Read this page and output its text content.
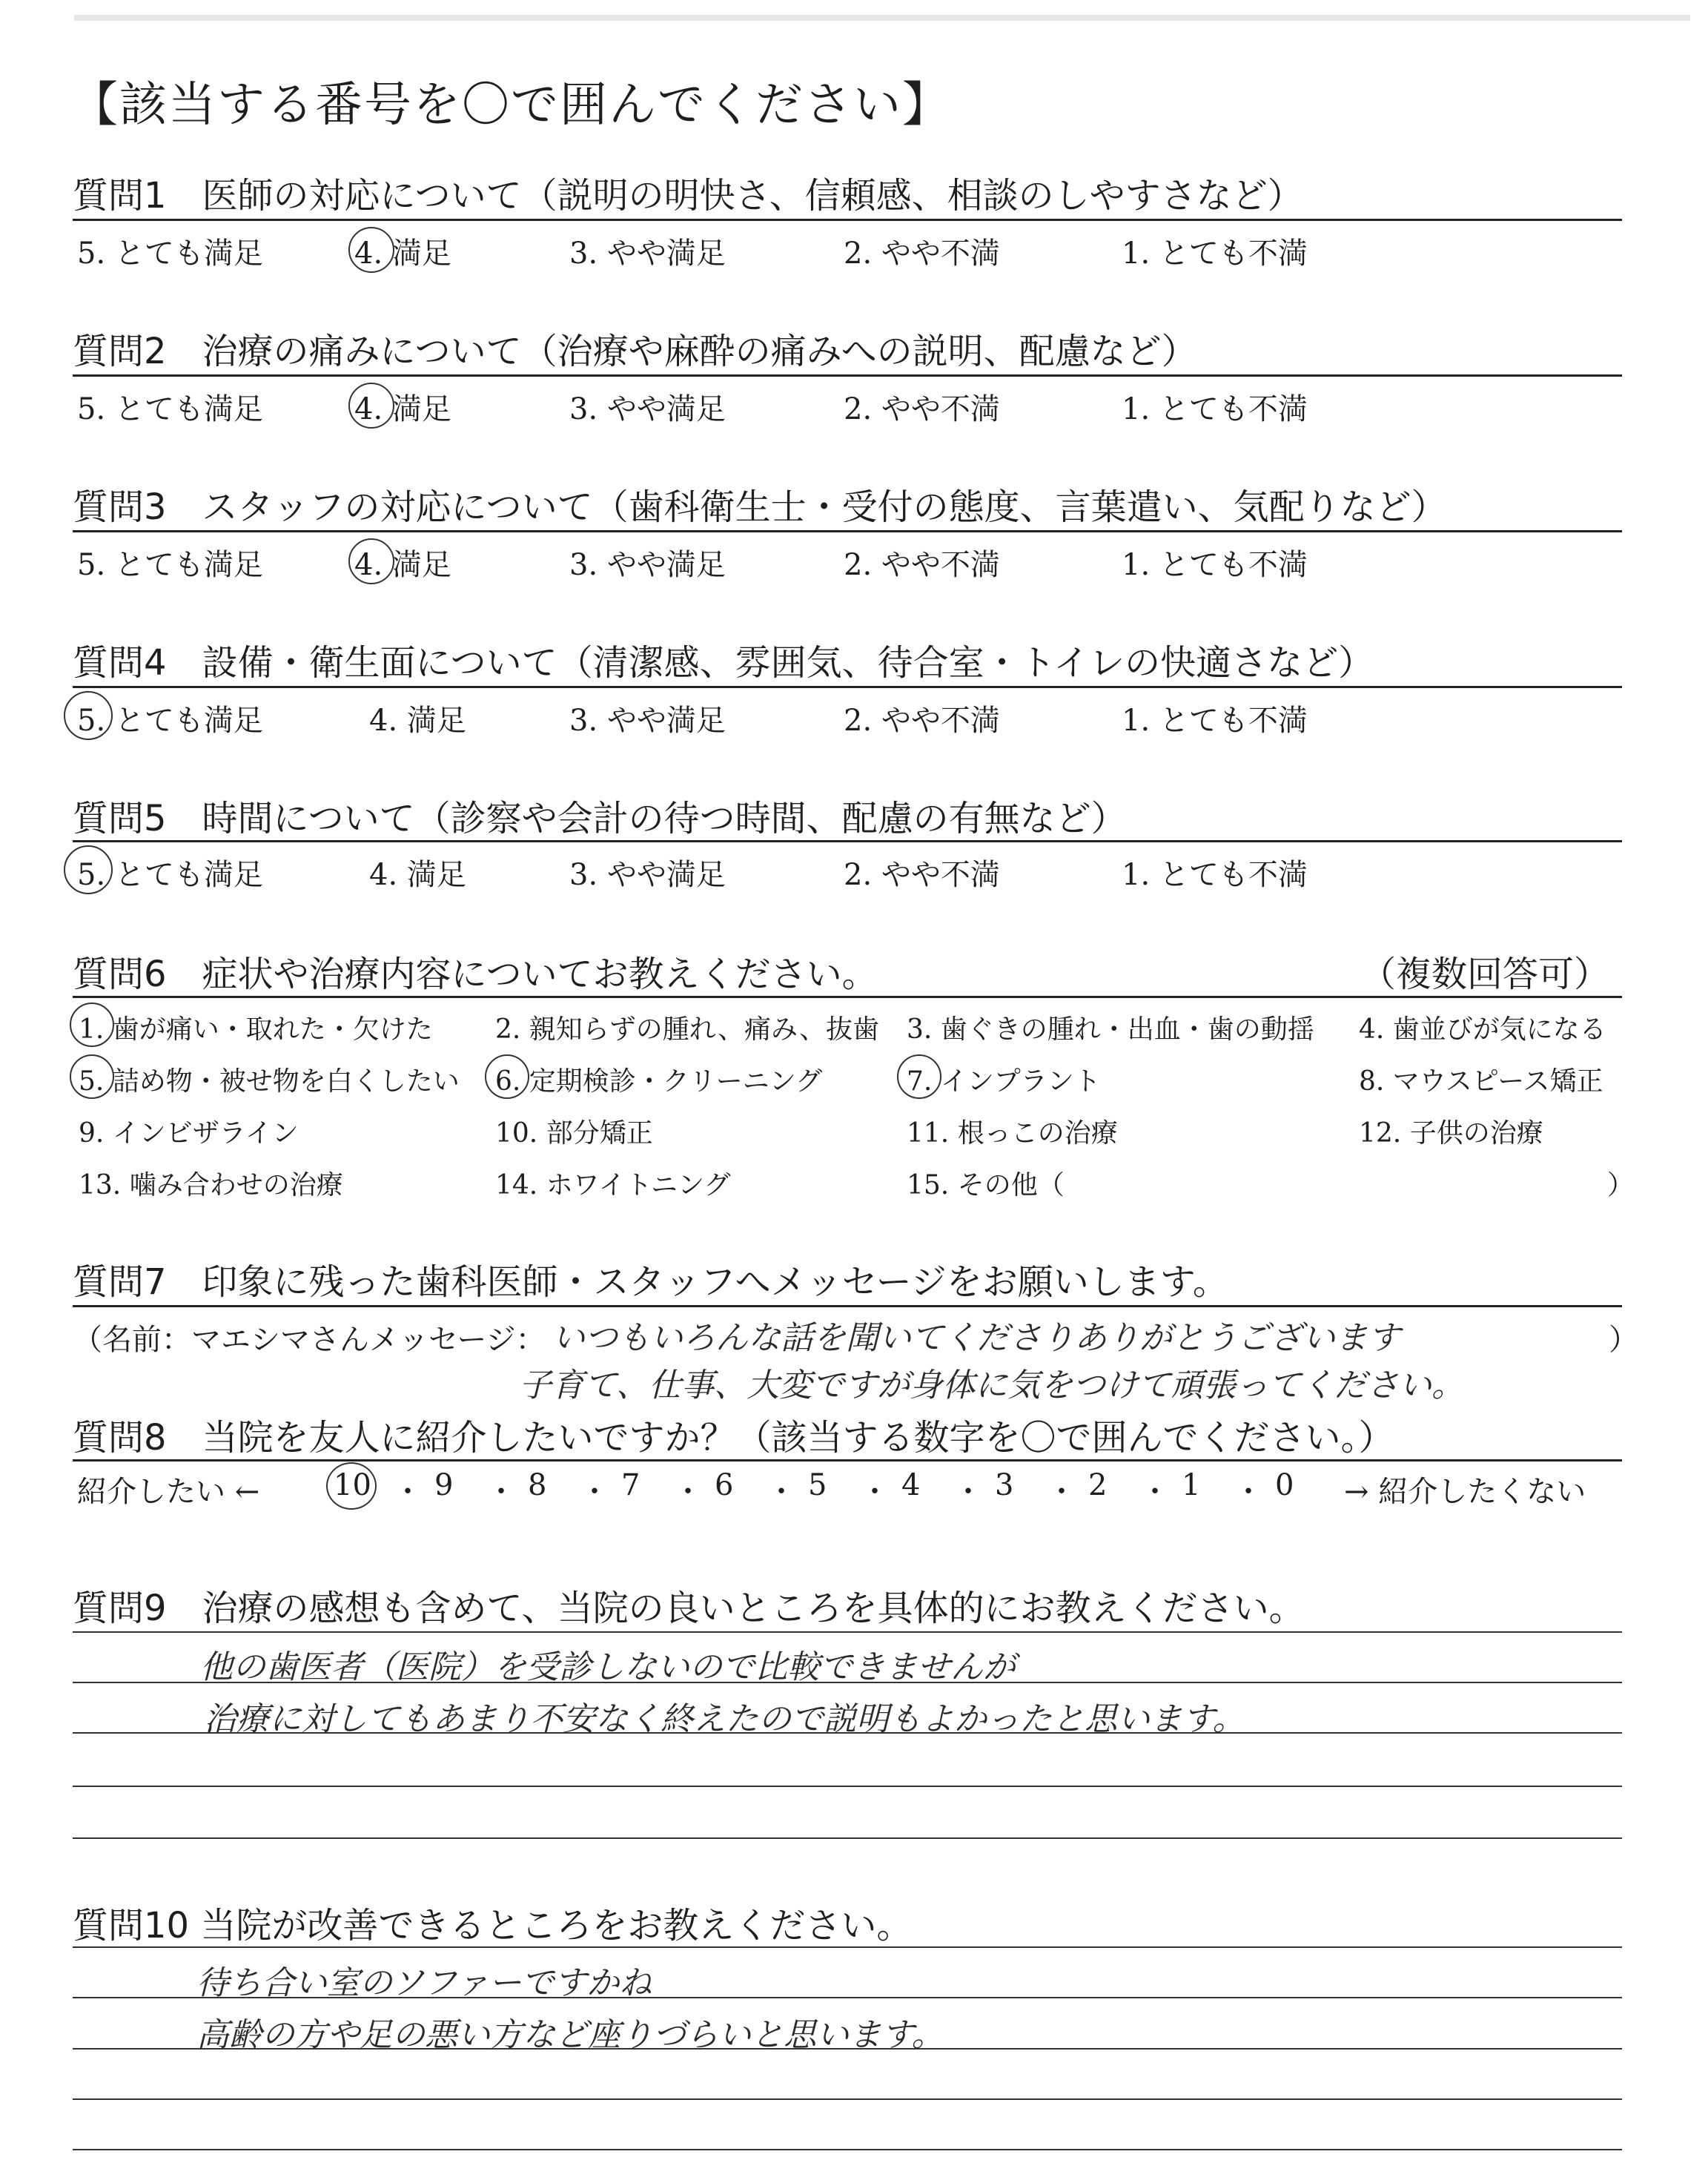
【該当する番号を〇で囲んでください】
質問1　医師の対応について（説明の明快さ、信頼感、相談のしやすさなど）
5. とても満足	4. 満足	3. やや満足	2. やや不満	1. とても不満
質問2　治療の痛みについて（治療や麻酔の痛みへの説明、配慮など）
5. とても満足	4. 満足	3. やや満足	2. やや不満	1. とても不満
質問3　スタッフの対応について（歯科衛生士・受付の態度、言葉遣い、気配りなど）
5. とても満足	4. 満足	3. やや満足	2. やや不満	1. とても不満
質問4　設備・衛生面について（清潔感、雰囲気、待合室・トイレの快適さなど）
5. とても満足	4. 満足	3. やや満足	2. やや不満	1. とても不満
質問5　時間について（診察や会計の待つ時間、配慮の有無など）
5. とても満足	4. 満足	3. やや満足	2. やや不満	1. とても不満
質問6　症状や治療内容についてお教えください。	（複数回答可）
1. 歯が痛い・取れた・欠けた 2. 親知らずの腫れ、痛み、抜歯 3. 歯ぐきの腫れ・出血・歯の動揺 4. 歯並びが気になる
5. 詰め物・被せ物を白くしたい 6. 定期検診・クリーニング	7. インプラント	8. マウスピース矯正
9. インビザライン	10. 部分矯正	11. 根っこの治療	12. 子供の治療
13. 噛み合わせの治療	14. ホワイトニング	15. その他（	）
質問7　印象に残った歯科医師・スタッフへメッセージをお願いします。
（名前：マエシマさんメッセージ：	）
いつもいろんな話を聞いてくださりありがとうございます
子育て、仕事、大変ですが身体に気をつけて頑張ってください。
質問8　当院を友人に紹介したいですか？（該当する数字を〇で囲んでください。）
紹介したい ← 10 ・ 9 ・ 8 ・ 7 ・ 6 ・ 5 ・ 4 ・ 3 ・ 2 ・ 1 ・ 0 → 紹介したくない
質問9　治療の感想も含めて、当院の良いところを具体的にお教えください。
他の歯医者（医院）を受診しないので比較できませんが
治療に対してもあまり不安なく終えたので説明もよかったと思います。
質問10 当院が改善できるところをお教えください。
待ち合い室のソファーですかね
高齢の方や足の悪い方など座りづらいと思います。
